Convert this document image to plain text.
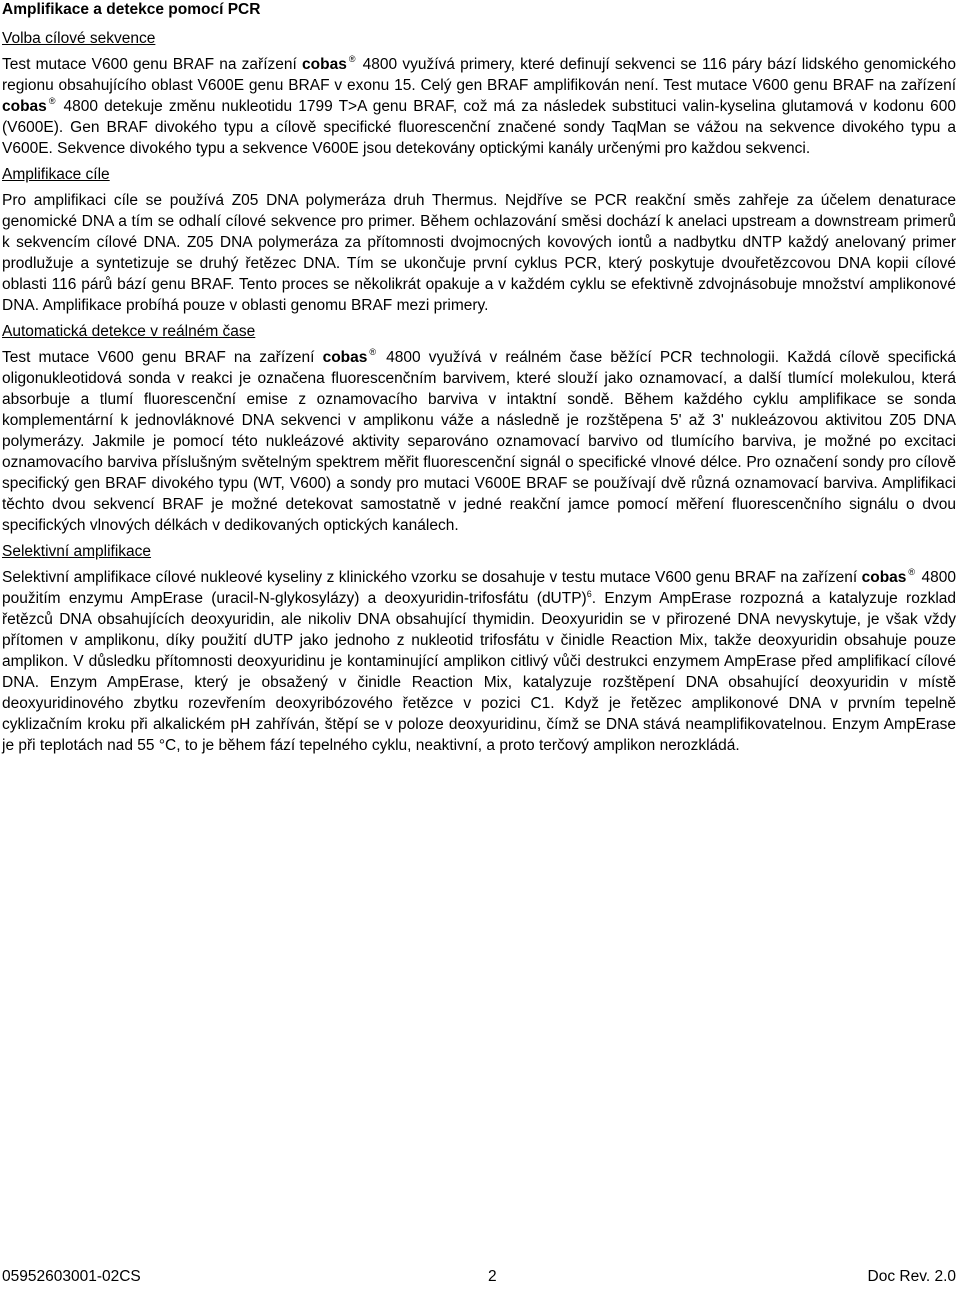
Amplifikace a detekce pomocí PCR
Volba cílové sekvence

Test mutace V600 genu BRAF na zařízení cobas ® 4800 využívá primery, které definují sekvenci se 116 páry bází lidského genomického regionu obsahujícího oblast V600E genu BRAF v exonu 15. Celý gen BRAF amplifikován není. Test mutace V600 genu BRAF na zařízení cobas ® 4800 detekuje změnu nukleotidu 1799 T>A genu BRAF, což má za následek substituci valin-kyselina glutamová v kodonu 600 (V600E). Gen BRAF divokého typu a cílově specifické fluorescenční značené sondy TaqMan se vážou na sekvence divokého typu a V600E. Sekvence divokého typu a sekvence V600E jsou detekovány optickými kanály určenými pro každou sekvenci.

Amplifikace cíle

Pro amplifikaci cíle se používá Z05 DNA polymeráza druh Thermus. Nejdříve se PCR reakční směs zahřeje za účelem denaturace genomické DNA a tím se odhalí cílové sekvence pro primer. Během ochlazování směsi dochází k anelaci upstream a downstream primerů k sekvencím cílové DNA. Z05 DNA polymeráza za přítomnosti dvojmocných kovových iontů a nadbytku dNTP každý anelovaný primer prodlužuje a syntetizuje se druhý řetězec DNA. Tím se ukončuje první cyklus PCR, který poskytuje dvouřetězcovou DNA kopii cílové oblasti 116 párů bází genu BRAF. Tento proces se několikrát opakuje a v každém cyklu se efektivně zdvojnásobuje množství amplikonové DNA. Amplifikace probíhá pouze v oblasti genomu BRAF mezi primery.

Automatická detekce v reálném čase

Test mutace V600 genu BRAF na zařízení cobas ® 4800 využívá v reálném čase běžící PCR technologii. Každá cílově specifická oligonukleotidová sonda v reakci je označena fluorescenčním barvivem, které slouží jako oznamovací, a další tlumící molekulou, která absorbuje a tlumí fluorescenční emise z oznamovacího barviva v intaktní sondě. Během každého cyklu amplifikace se sonda komplementární k jednovláknové DNA sekvenci v amplikonu váže a následně je rozštěpena 5' až 3' nukleázovou aktivitou Z05 DNA polymerázy. Jakmile je pomocí této nukleázové aktivity separováno oznamovací barvivo od tlumícího barviva, je možné po excitaci oznamovacího barviva příslušným světelným spektrem měřit fluorescenční signál o specifické vlnové délce. Pro označení sondy pro cílově specifický gen BRAF divokého typu (WT, V600) a sondy pro mutaci V600E BRAF se používají dvě různá oznamovací barviva. Amplifikaci těchto dvou sekvencí BRAF je možné detekovat samostatně v jedné reakční jamce pomocí měření fluorescenčního signálu o dvou specifických vlnových délkách v dedikovaných optických kanálech.

Selektivní amplifikace

Selektivní amplifikace cílové nukleové kyseliny z klinického vzorku se dosahuje v testu mutace V600 genu BRAF na zařízení cobas ® 4800 použitím enzymu AmpErase (uracil-N-glykosylázy) a deoxyuridin-trifosfátu (dUTP)$^6$. Enzym AmpErase rozpozná a katalyzuje rozklad řetězců DNA obsahujících deoxyuridin, ale nikoliv DNA obsahující thymidin. Deoxyuridin se v přirozené DNA nevyskytuje, je však vždy přítomen v amplikonu, díky použití dUTP jako jednoho z nukleotid trifosfátu v činidle Reaction Mix, takže deoxyuridin obsahuje pouze amplikon. V důsledku přítomnosti deoxyuridinu je kontaminující amplikon citlivý vůči destrukci enzymem AmpErase před amplifikací cílové DNA. Enzym AmpErase, který je obsažený v činidle Reaction Mix, katalyzuje rozštěpení DNA obsahující deoxyuridin v místě deoxyuridinového zbytku rozevřením deoxyribózového řetězce v pozici C1. Když je řetězec amplikonové DNA v prvním tepelně cyklizačním kroku při alkalickém pH zahříván, štěpí se v poloze deoxyuridinu, čímž se DNA stává neamplifikovatelnou. Enzym AmpErase je při teplotách nad 55 °C, to je během fází tepelného cyklu, neaktivní, a proto terčový amplikon nerozkládá.

05952603001-02CS	2	Doc Rev. 2.0
